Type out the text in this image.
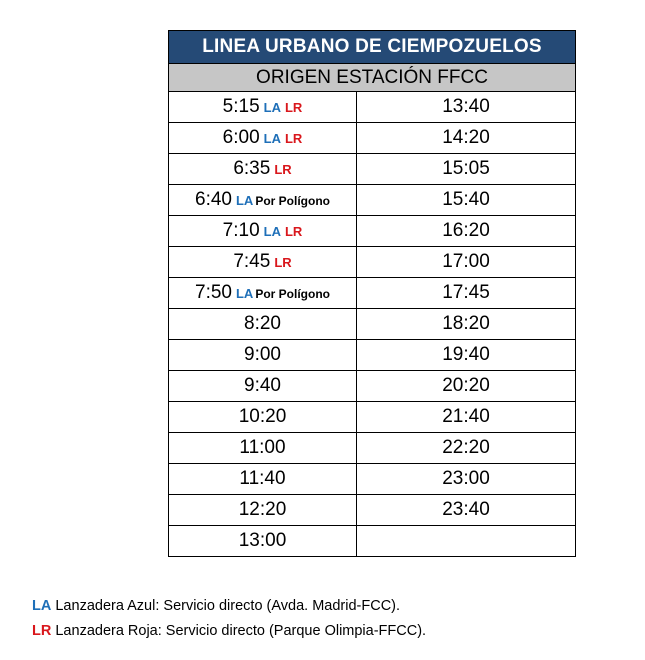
LINEA URBANO DE CIEMPOZUELOS	
ORIGEN ESTACIÓN FFCC	
5:15 LA LR	13:40
6:00 LA LR	14:20
6:35 LR	15:05
6:40 LA Por Polígono	15:40
7:10 LA LR	16:20
7:45 LR	17:00
7:50 LA Por Polígono	17:45
8:20	18:20
9:00	19:40
9:40	20:20
10:20	21:40
11:00	22:20
11:40	23:00
12:20	23:40
13:00	
LA Lanzadera Azul: Servicio directo (Avda. Madrid-FCC).
LR Lanzadera Roja: Servicio directo (Parque Olimpia-FFCC).
